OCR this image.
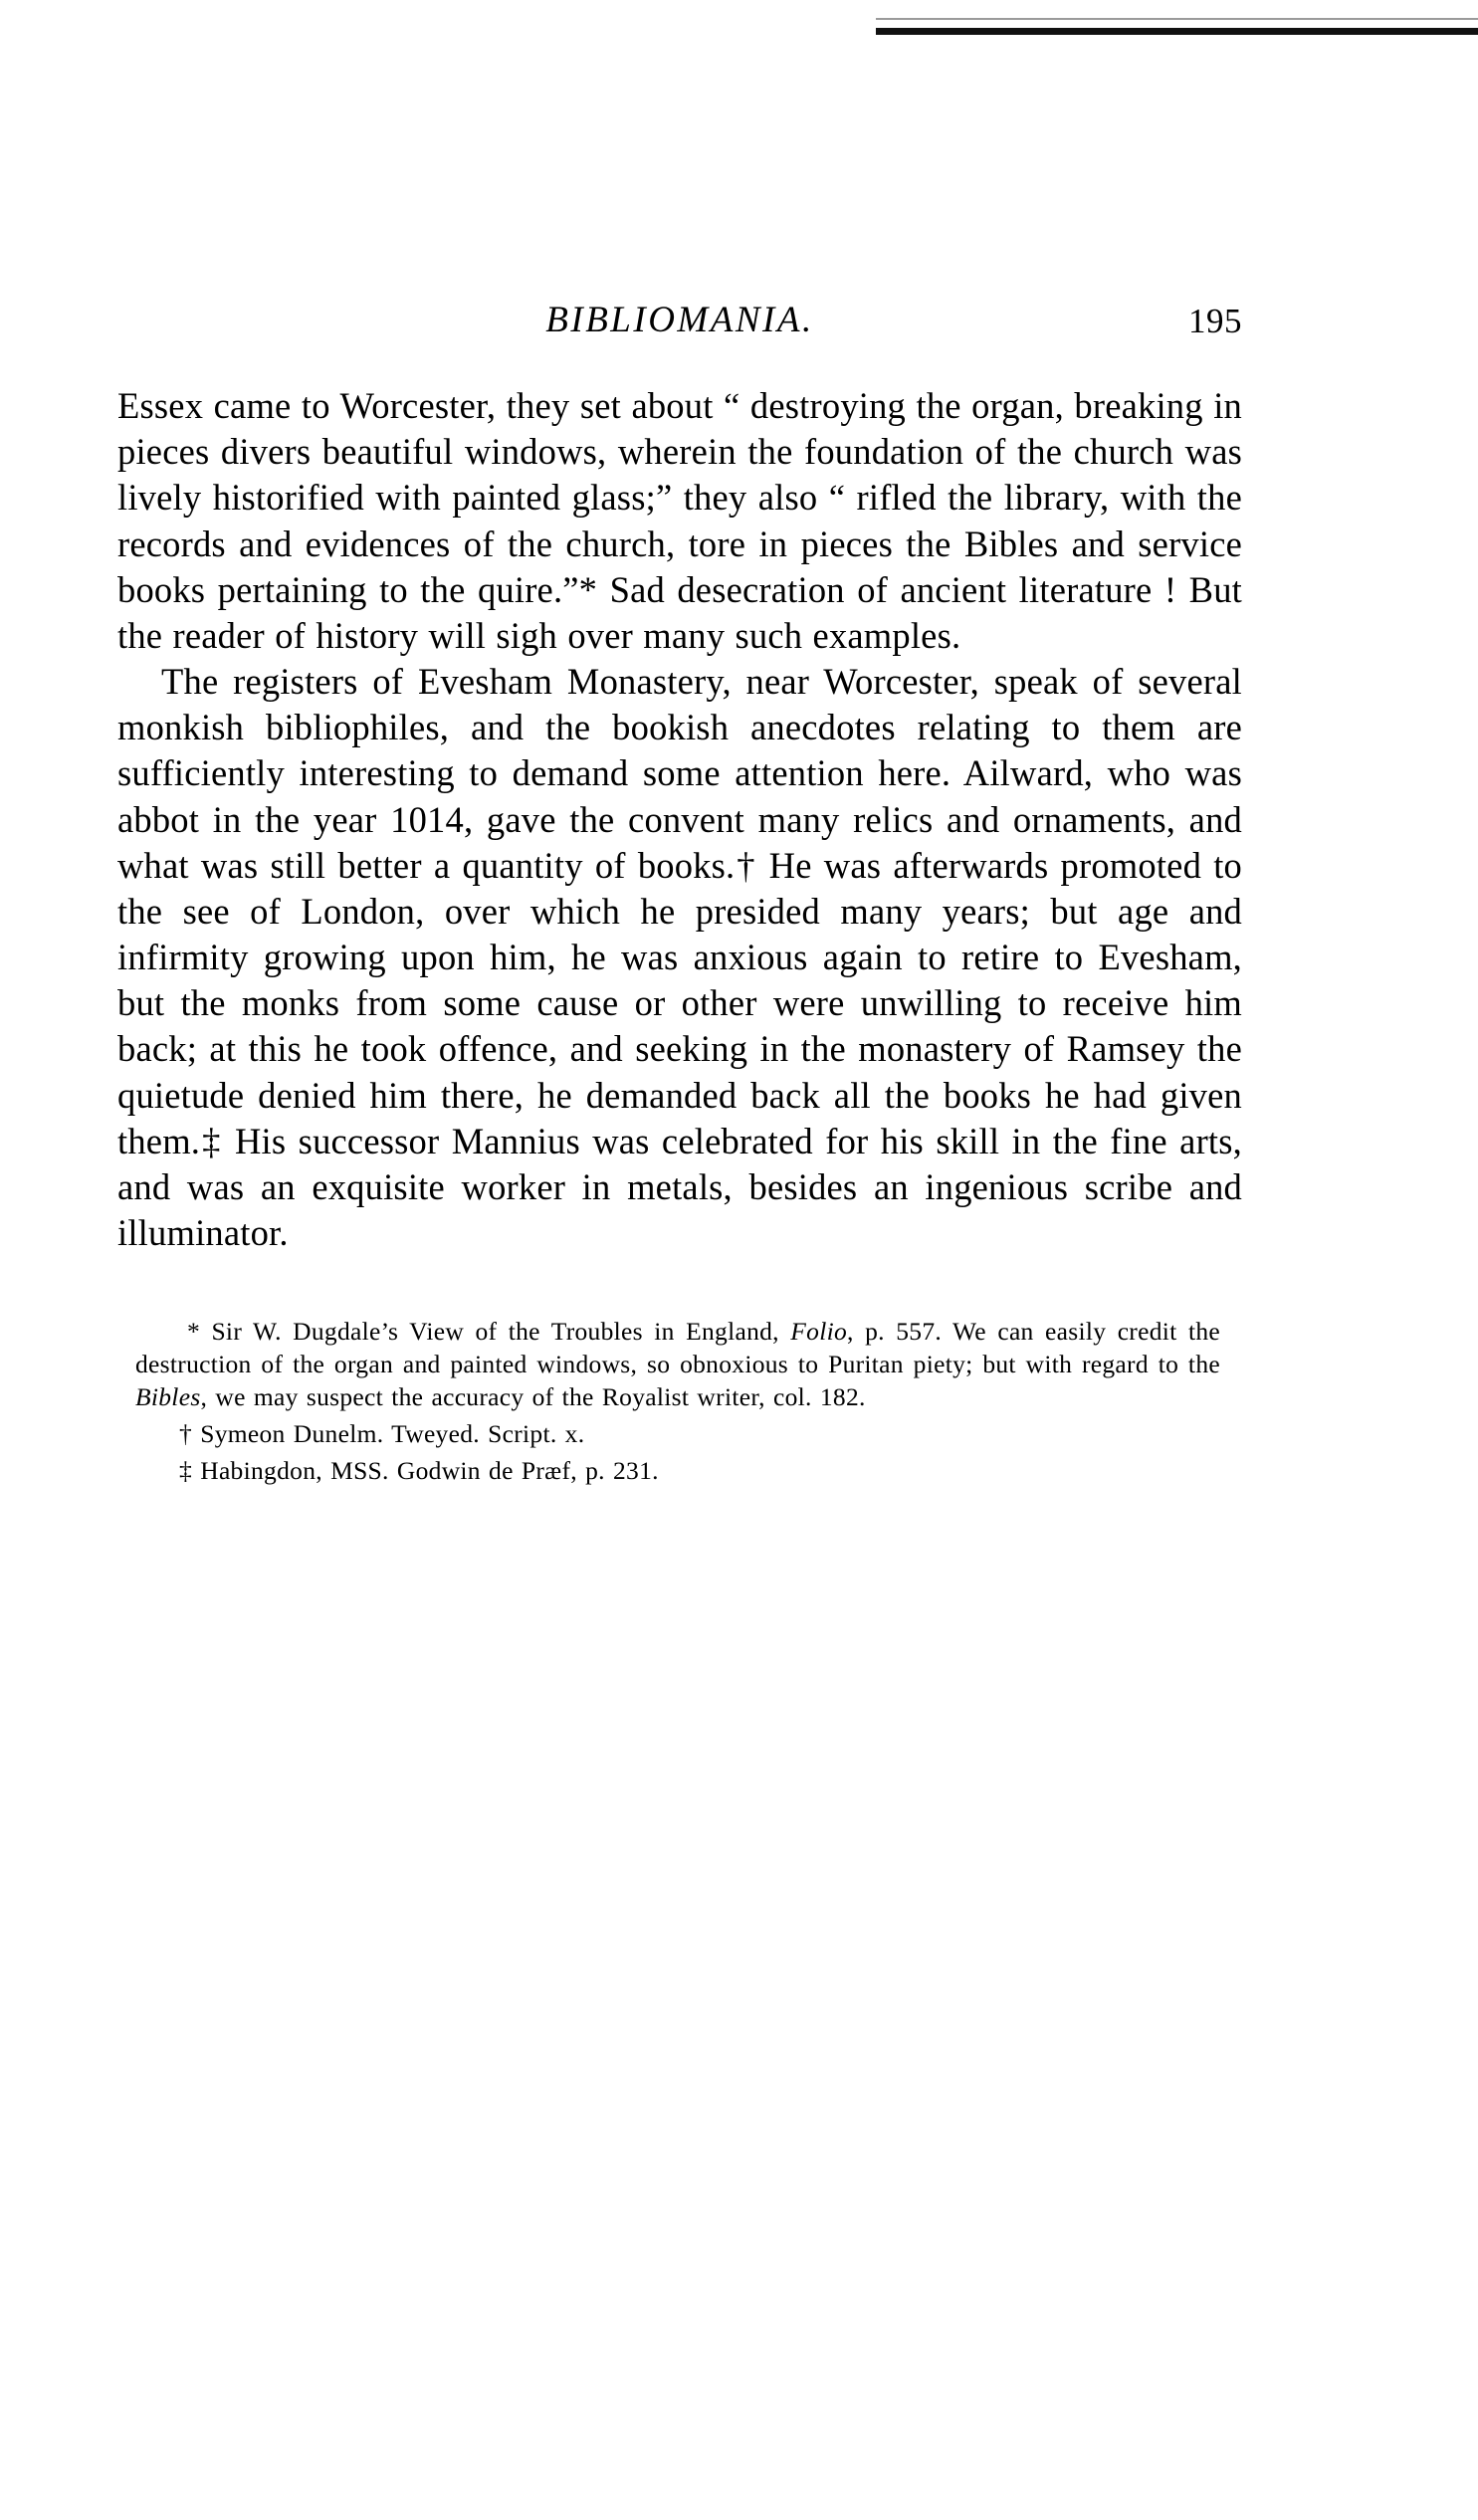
BIBLIOMANIA.	195

Essex came to Worcester, they set about “ destroying the organ, breaking in pieces divers beautiful windows, wherein the foundation of the church was lively historified with painted glass;” they also “ rifled the library, with the records and evidences of the church, tore in pieces the Bibles and service books pertaining to the quire.”* Sad desecration of ancient literature ! But the reader of history will sigh over many such examples.

The registers of Evesham Monastery, near Worcester, speak of several monkish bibliophiles, and the bookish anecdotes relating to them are sufficiently interesting to demand some attention here. Ailward, who was abbot in the year 1014, gave the convent many relics and ornaments, and what was still better a quantity of books.† He was afterwards promoted to the see of London, over which he presided many years; but age and infirmity growing upon him, he was anxious again to retire to Evesham, but the monks from some cause or other were unwilling to receive him back; at this he took offence, and seeking in the monastery of Ramsey the quietude denied him there, he demanded back all the books he had given them.‡ His successor Mannius was celebrated for his skill in the fine arts, and was an exquisite worker in metals, besides an ingenious scribe and illuminator.

* Sir W. Dugdale’s View of the Troubles in England, Folio, p. 557. We can easily credit the destruction of the organ and painted windows, so obnoxious to Puritan piety; but with regard to the Bibles, we may suspect the accuracy of the Royalist writer, col. 182.

† Symeon Dunelm. Tweyed. Script. x.

‡ Habingdon, MSS. Godwin de Præf, p. 231.
